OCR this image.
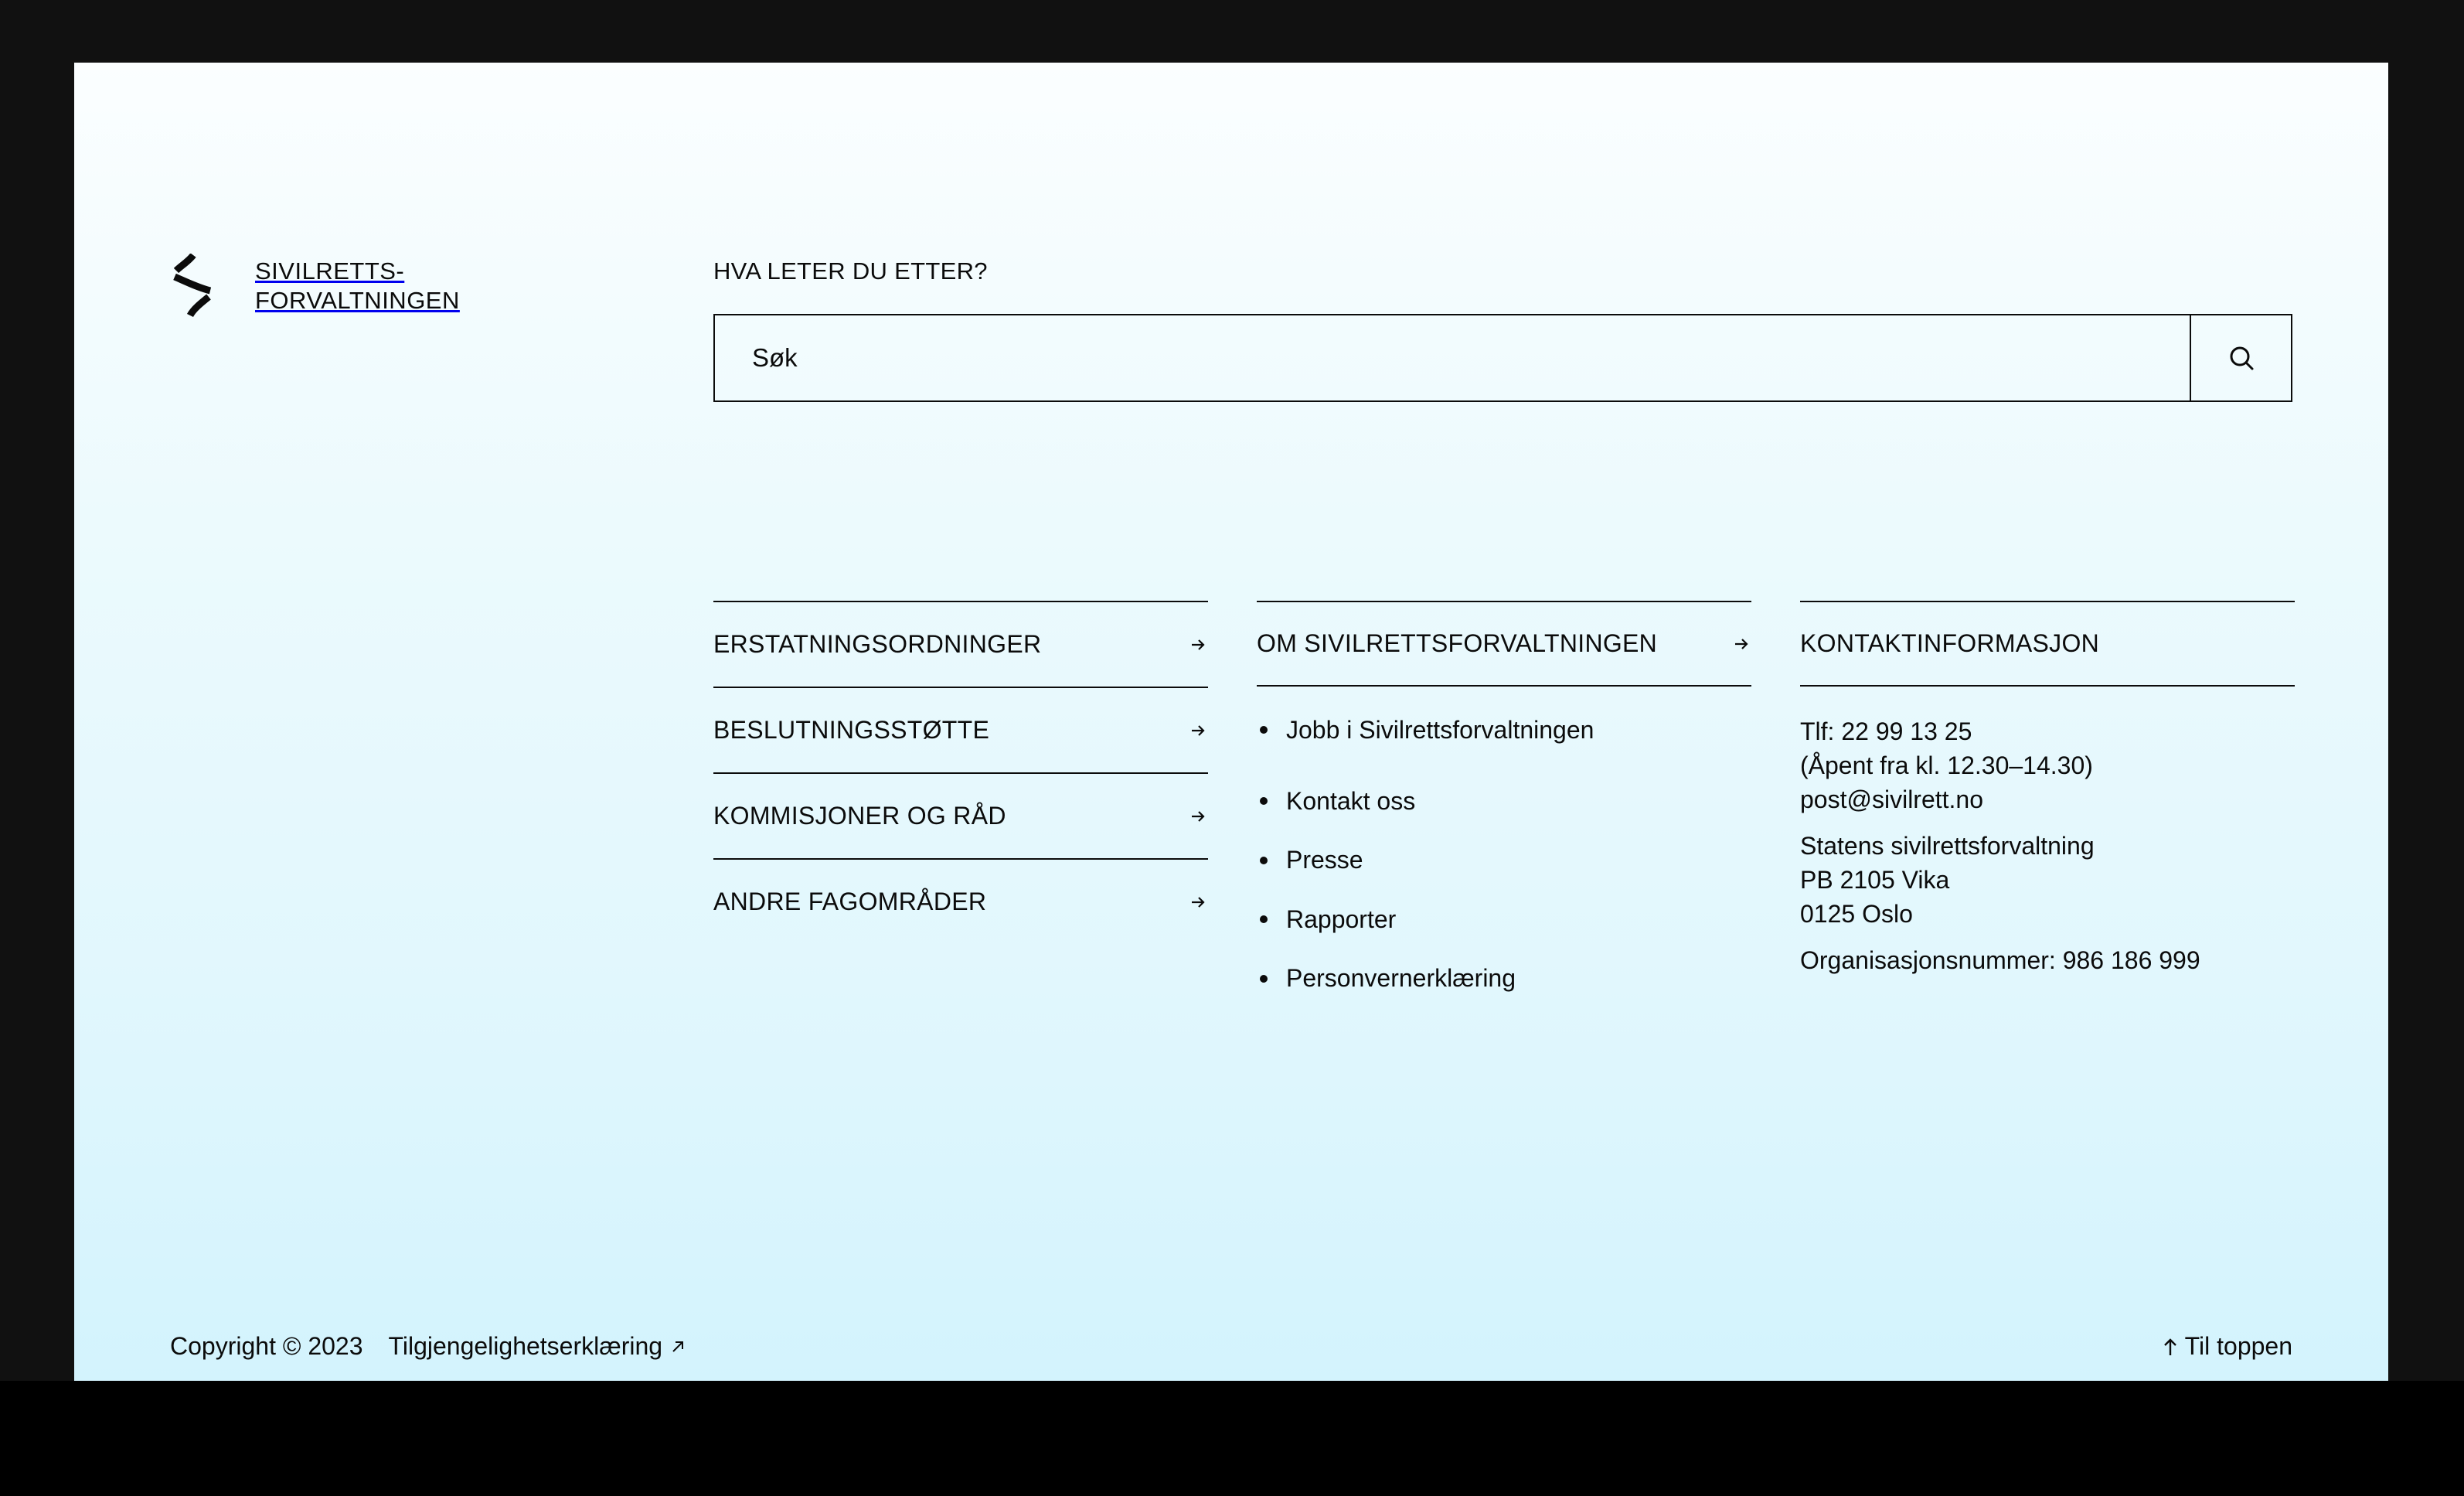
SIVILRETTS-
FORVALTNINGEN
HVA LETER DU ETTER?
Søk
ERSTATNINGSORDNINGER
BESLUTNINGSSTØTTE
KOMMISJONER OG RÅD
ANDRE FAGOMRÅDER
OM SIVILRETTSFORVALTNINGEN
Jobb i Sivilrettsforvaltningen
Kontakt oss
Presse
Rapporter
Personvernerklæring
KONTAKTINFORMASJON
Tlf: 22 99 13 25
(Åpent fra kl. 12.30–14.30)
post@sivilrett.no
Statens sivilrettsforvaltning
PB 2105 Vika
0125 Oslo
Organisasjonsnummer: 986 186 999
Copyright © 2023 Tilgjengelighetserklæring	Til toppen
